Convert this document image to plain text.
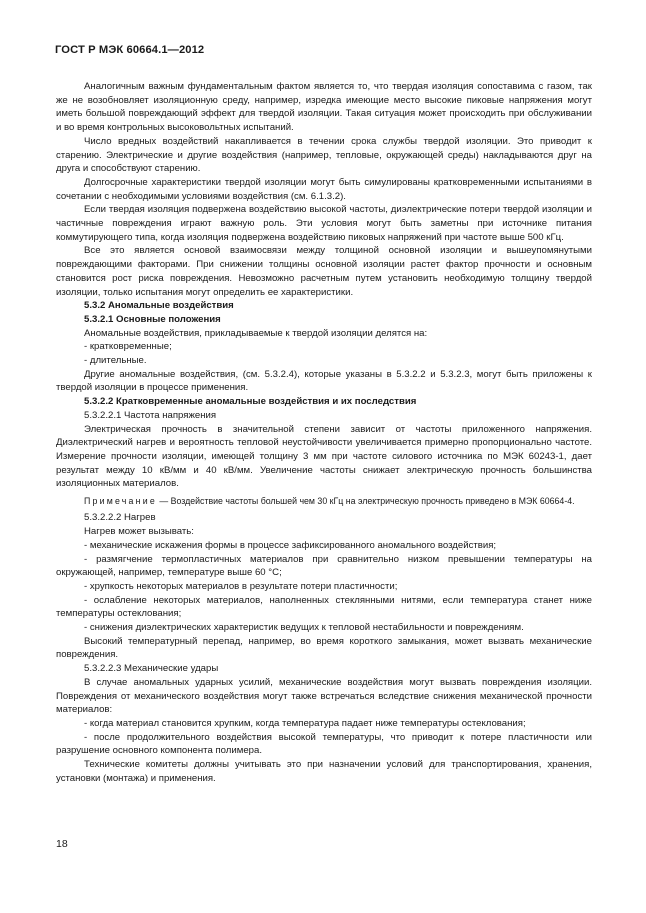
ГОСТ Р МЭК 60664.1—2012

Аналогичным важным фундаментальным фактом является то, что твердая изоляция сопоставима с газом, так же не возобновляет изоляционную среду, например, изредка имеющие место высокие пиковые напряжения могут иметь большой повреждающий эффект для твердой изоляции. Такая ситуация может происходить при обслуживании и во время контрольных высоковольтных испытаний.

Число вредных воздействий накапливается в течении срока службы твердой изоляции. Это приводит к старению. Электрические и другие воздействия (например, тепловые, окружающей среды) накладываются друг на друга и способствуют старению.

Долгосрочные характеристики твердой изоляции могут быть симулированы кратковременными испытаниями в сочетании с необходимыми условиями воздействия (см. 6.1.3.2).

Если твердая изоляция подвержена воздействию высокой частоты, диэлектрические потери твердой изоляции и частичные повреждения играют важную роль. Эти условия могут быть заметны при источнике питания коммутирующего типа, когда изоляция подвержена воздействию пиковых напряжений при частоте выше 500 кГц.

Все это является основой взаимосвязи между толщиной основной изоляции и вышеупомянутыми повреждающими факторами. При снижении толщины основной изоляции растет фактор прочности и основным становится рост риска повреждения. Невозможно расчетным путем установить необходимую толщину твердой изоляции, только испытания могут определить ее характеристики.

5.3.2 Аномальные воздействия

5.3.2.1 Основные положения

Аномальные воздействия, прикладываемые к твердой изоляции делятся на:

- кратковременные;

- длительные.

Другие аномальные воздействия, (см. 5.3.2.4), которые указаны в 5.3.2.2 и 5.3.2.3, могут быть приложены к твердой изоляции в процессе применения.

5.3.2.2 Кратковременные аномальные воздействия и их последствия

5.3.2.2.1 Частота напряжения

Электрическая прочность в значительной степени зависит от частоты приложенного напряжения. Диэлектрический нагрев и вероятность тепловой неустойчивости увеличивается примерно пропорционально частоте. Измерение прочности изоляции, имеющей толщину 3 мм при частоте силового источника по МЭК 60243-1, дает результат между 10 кВ/мм и 40 кВ/мм. Увеличение частоты снижает электрическую прочность большинства изоляционных материалов.

Примечание — Воздействие частоты большей чем 30 кГц на электрическую прочность приведено в МЭК 60664-4.

5.3.2.2.2 Нагрев

Нагрев может вызывать:

- механические искажения формы в процессе зафиксированного аномального воздействия;

- размягчение термопластичных материалов при сравнительно низком превышении температуры на окружающей, например, температуре выше 60 °С;

- хрупкость некоторых материалов в результате потери пластичности;

- ослабление некоторых материалов, наполненных стеклянными нитями, если температура станет ниже температуры остеклования;

- снижения диэлектрических характеристик ведущих к тепловой нестабильности и повреждениям.

Высокий температурный перепад, например, во время короткого замыкания, может вызвать механические повреждения.

5.3.2.2.3 Механические удары

В случае аномальных ударных усилий, механические воздействия могут вызвать повреждения изоляции. Повреждения от механического воздействия могут также встречаться вследствие снижения механической прочности материалов:

- когда материал становится хрупким, когда температура падает ниже температуры остеклования;

- после продолжительного воздействия высокой температуры, что приводит к потере пластичности или разрушение основного компонента полимера.

Технические комитеты должны учитывать это при назначении условий для транспортирования, хранения, установки (монтажа) и применения.

18
